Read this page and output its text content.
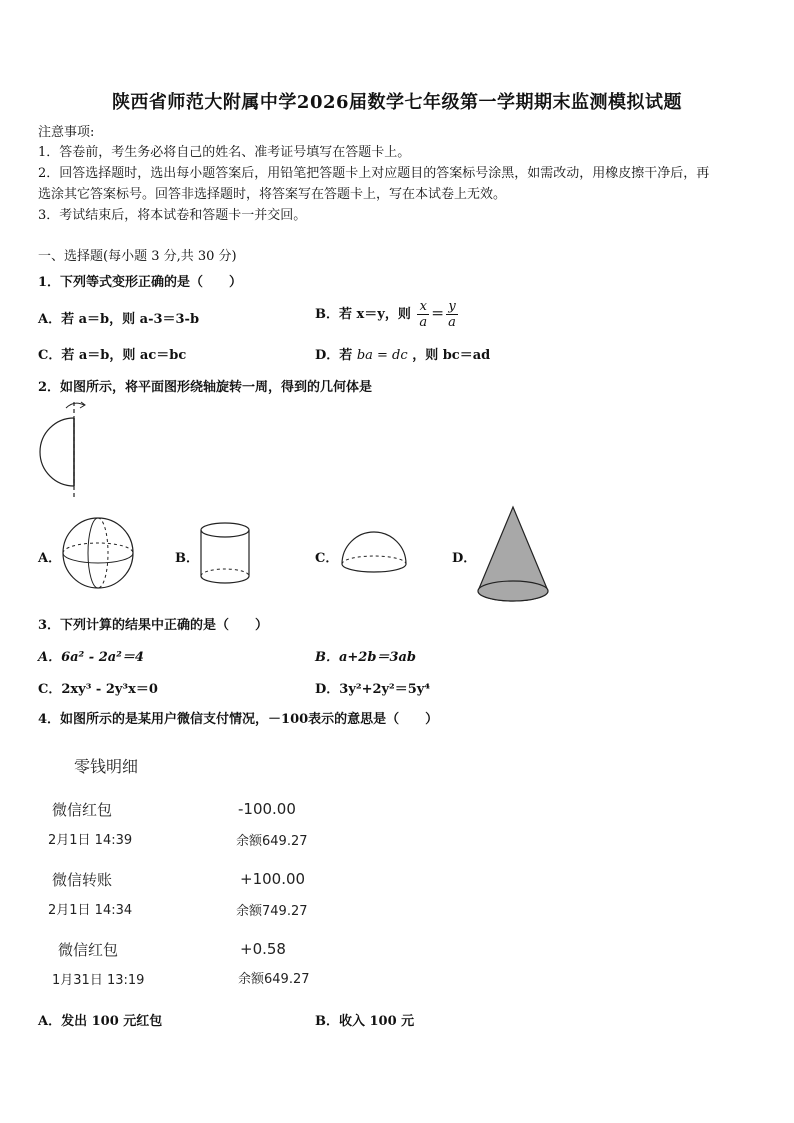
陕西省师范大附属中学2026届数学七年级第一学期期末监测模拟试题
注意事项:
1．答卷前，考生务必将自己的姓名、准考证号填写在答题卡上。
2．回答选择题时，选出每小题答案后，用铅笔把答题卡上对应题目的答案标号涂黑，如需改动，用橡皮擦干净后，再
选涂其它答案标号。回答非选择题时，将答案写在答题卡上，写在本试卷上无效。
3．考试结束后，将本试卷和答题卡一并交回。
一、选择题(每小题 3 分,共 30 分)
1．下列等式变形正确的是（　　）
A．若 a＝b，则 a-3＝3-b	B．若 x＝y，则 $\frac{x}{a} = \frac{y}{a}$
C．若 a＝b，则 ac＝bc	D．若 ba = dc ，则 bc＝ad
2．如图所示，将平面图形绕轴旋转一周，得到的几何体是
A．	B．	C．	D．
3．下列计算的结果中正确的是（　　）
A．6a² - 2a²＝4	B．a+2b＝3ab
C．2xy³ - 2y³x＝0	D．3y²+2y²＝5y⁴
4．如图所示的是某用户微信支付情况，－100表示的意思是（　　）
零钱明细
微信红包	-100.00
2月1日 14:39	余额649.27
微信转账	+100.00
2月1日 14:34	余额749.27
微信红包	+0.58
1月31日 13:19	余额649.27
A．发出 100 元红包	B．收入 100 元
